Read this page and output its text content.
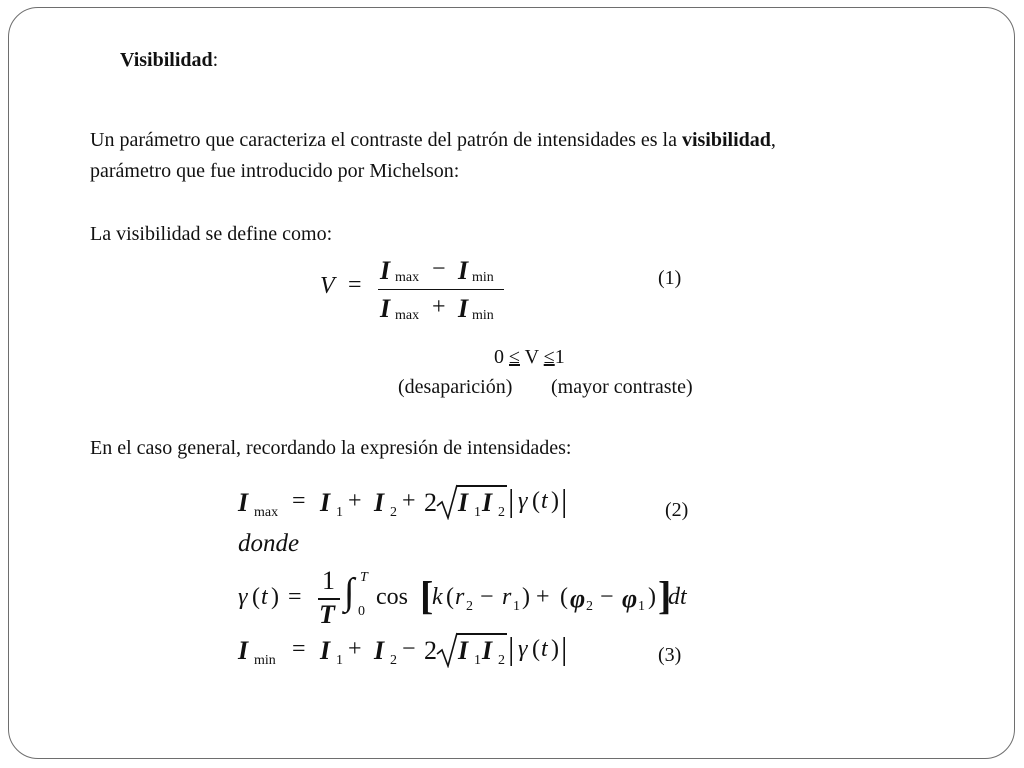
Visibilidad:
Un parámetro que caracteriza el contraste del patrón de intensidades es la visibilidad,
parámetro que fue introducido por Michelson:
La visibilidad se define como:
V = I max − I min
I max + I min
(1)
0 ≤ V ≤1
(desaparición) (mayor contraste)
En el caso general, recordando la expresión de intensidades:
I max = I 1 + I 2 + 2 I 1 I 2 | γ ( t ) |	(2)
donde
γ ( t ) =
1
T
∫ T
0
cos [
k ( r 2 − r 1 ) + ( φ 2 − φ 1 ) ]
dt
I min = I 1 + I 2 − 2 I 1 I 2 | γ ( t ) |	(3)
